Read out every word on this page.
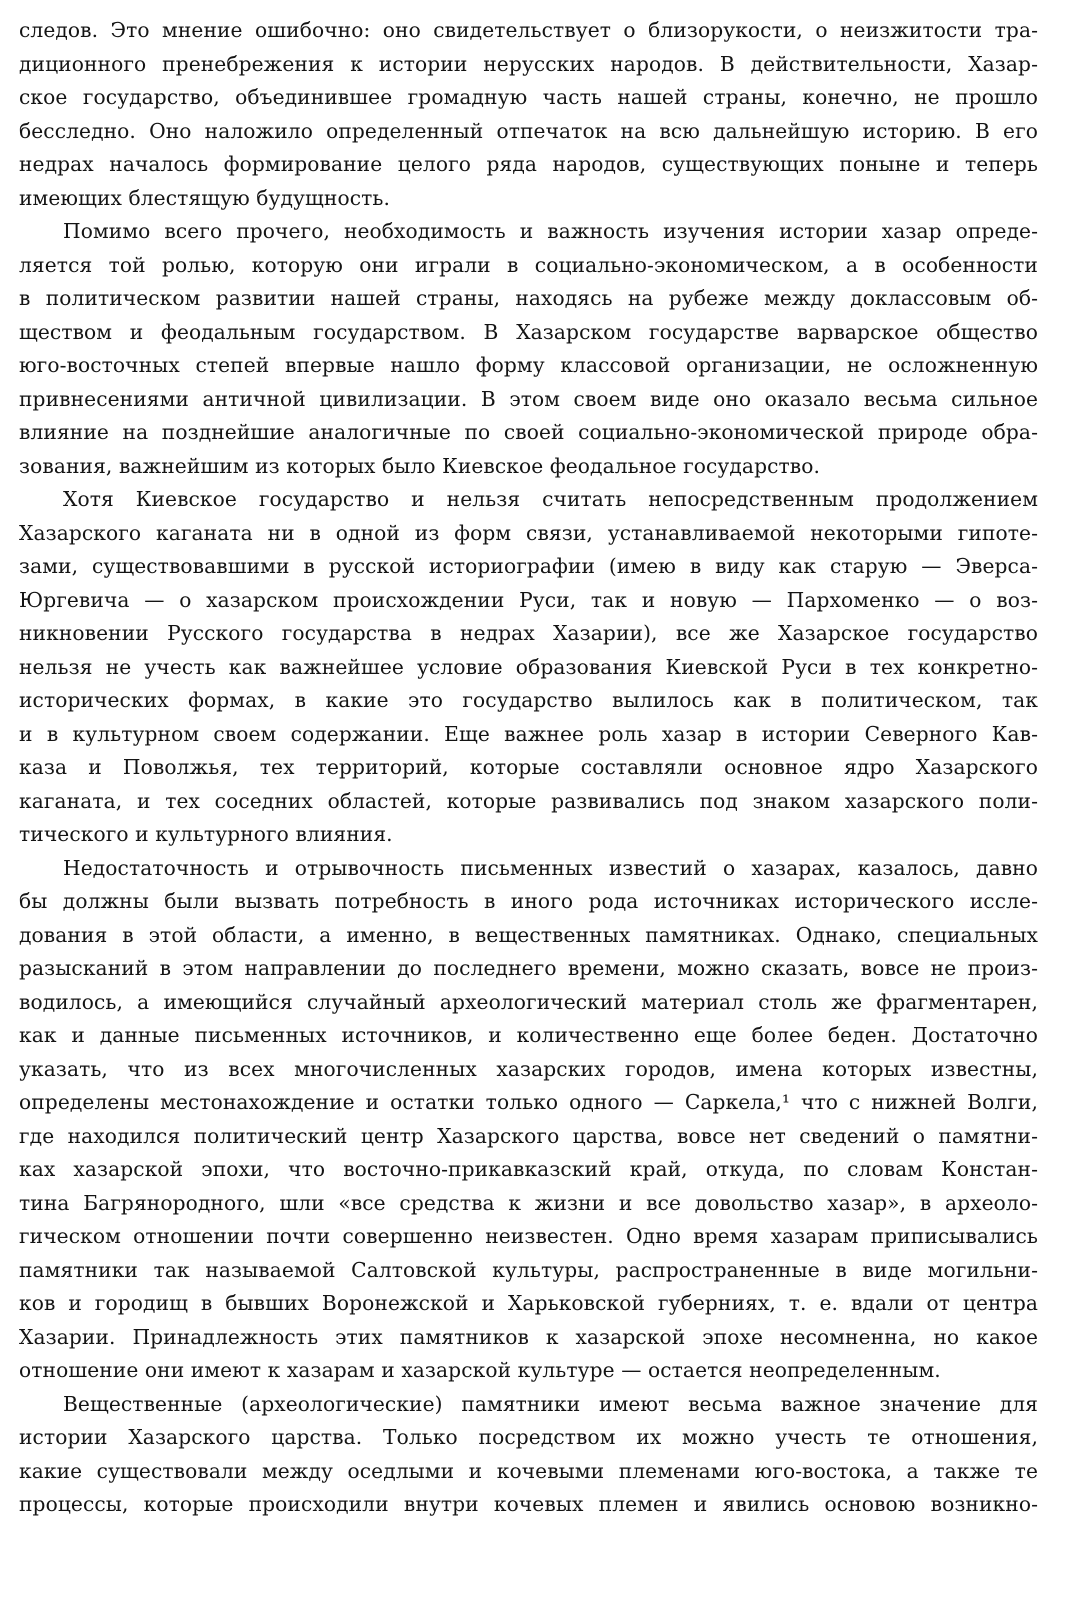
следов. Это мнение ошибочно: оно свидетельствует о близорукости, о неизжитости тра-
диционного пренебрежения к истории нерусских народов. В действительности, Хазар-
ское государство, объединившее громадную часть нашей страны, конечно, не прошло
бесследно. Оно наложило определенный отпечаток на всю дальнейшую историю. В его
недрах началось формирование целого ряда народов, существующих поныне и теперь
имеющих блестящую будущность.
Помимо всего прочего, необходимость и важность изучения истории хазар опреде-
ляется той ролью, которую они играли в социально-экономическом, а в особенности
в политическом развитии нашей страны, находясь на рубеже между доклассовым об-
ществом и феодальным государством. В Хазарском государстве варварское общество
юго-восточных степей впервые нашло форму классовой организации, не осложненную
привнесениями античной цивилизации. В этом своем виде оно оказало весьма сильное
влияние на позднейшие аналогичные по своей социально-экономической природе обра-
зования, важнейшим из которых было Киевское феодальное государство.
Хотя Киевское государство и нельзя считать непосредственным продолжением
Хазарского каганата ни в одной из форм связи, устанавливаемой некоторыми гипоте-
зами, существовавшими в русской историографии (имею в виду как старую — Эверса-
Юргевича — о хазарском происхождении Руси, так и новую — Пархоменко — о воз-
никновении Русского государства в недрах Хазарии), все же Хазарское государство
нельзя не учесть как важнейшее условие образования Киевской Руси в тех конкретно-
исторических формах, в какие это государство вылилось как в политическом, так
и в культурном своем содержании. Еще важнее роль хазар в истории Северного Кав-
каза и Поволжья, тех территорий, которые составляли основное ядро Хазарского
каганата, и тех соседних областей, которые развивались под знаком хазарского поли-
тического и культурного влияния.
Недостаточность и отрывочность письменных известий о хазарах, казалось, давно
бы должны были вызвать потребность в иного рода источниках исторического иссле-
дования в этой области, а именно, в вещественных памятниках. Однако, специальных
разысканий в этом направлении до последнего времени, можно сказать, вовсе не произ-
водилось, а имеющийся случайный археологический материал столь же фрагментарен,
как и данные письменных источников, и количественно еще более беден. Достаточно
указать, что из всех многочисленных хазарских городов, имена которых известны,
определены местонахождение и остатки только одного — Саркела,¹ что с нижней Волги,
где находился политический центр Хазарского царства, вовсе нет сведений о памятни-
ках хазарской эпохи, что восточно-прикавказский край, откуда, по словам Констан-
тина Багрянородного, шли «все средства к жизни и все довольство хазар», в археоло-
гическом отношении почти совершенно неизвестен. Одно время хазарам приписывались
памятники так называемой Салтовской культуры, распространенные в виде могильни-
ков и городищ в бывших Воронежской и Харьковской губерниях, т. е. вдали от центра
Хазарии. Принадлежность этих памятников к хазарской эпохе несомненна, но какое
отношение они имеют к хазарам и хазарской культуре — остается неопределенным.
Вещественные (археологические) памятники имеют весьма важное значение для
истории Хазарского царства. Только посредством их можно учесть те отношения,
какие существовали между оседлыми и кочевыми племенами юго-востока, а также те
процессы, которые происходили внутри кочевых племен и явились основою возникно-
